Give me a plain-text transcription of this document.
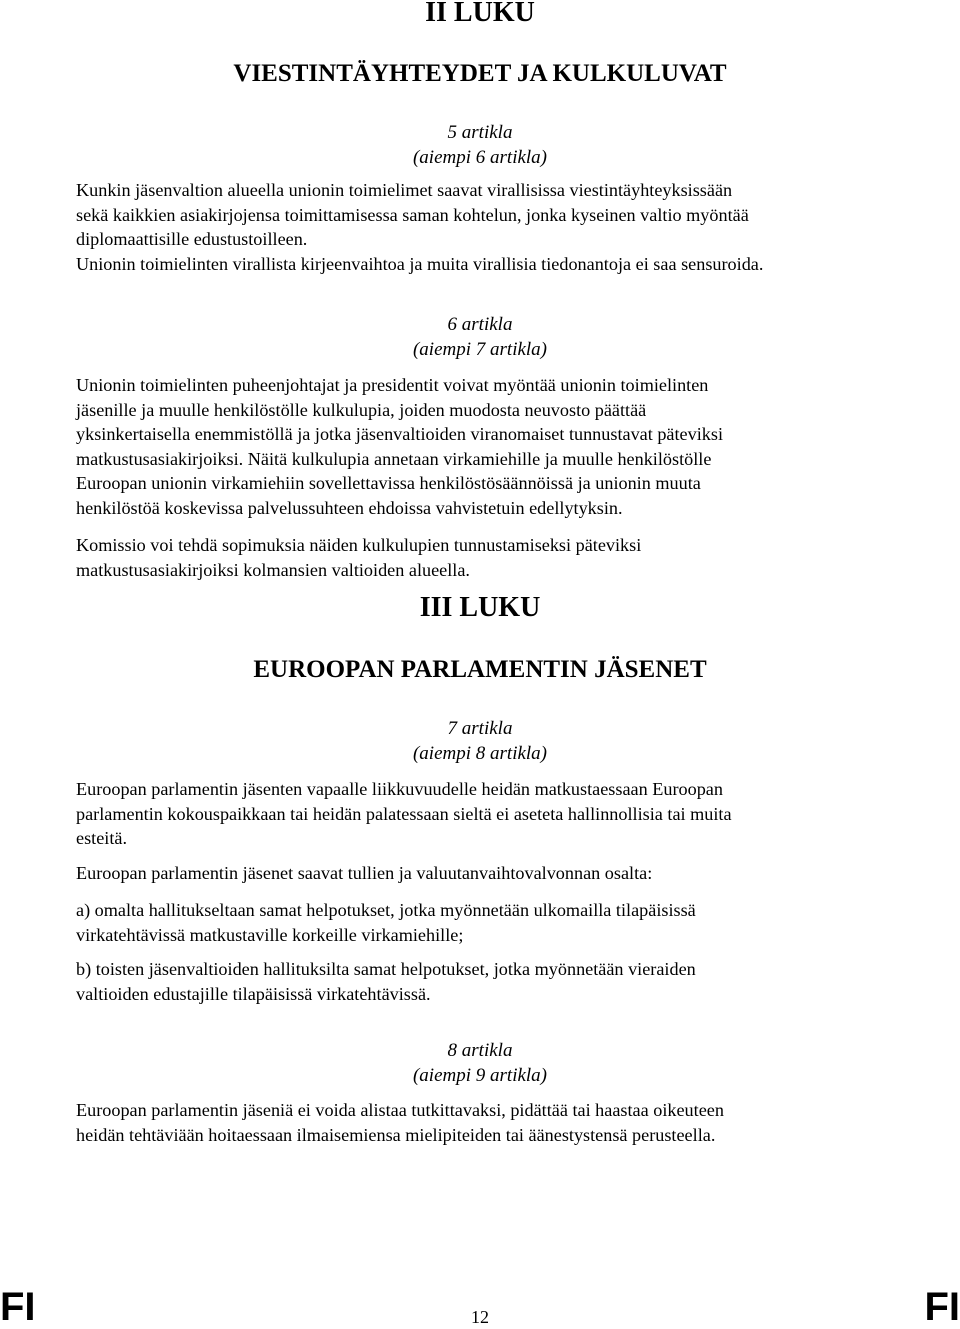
II LUKU
VIESTINTÄYHTEYDET JA KULKULUVAT
5 artikla
(aiempi 6 artikla)
Kunkin jäsenvaltion alueella unionin toimielimet saavat virallisissa viestintäyhteyksissään
sekä kaikkien asiakirjojensa toimittamisessa saman kohtelun, jonka kyseinen valtio myöntää
diplomaattisille edustustoilleen.
Unionin toimielinten virallista kirjeenvaihtoa ja muita virallisia tiedonantoja ei saa sensuroida.
6 artikla
(aiempi 7 artikla)
Unionin toimielinten puheenjohtajat ja presidentit voivat myöntää unionin toimielinten
jäsenille ja muulle henkilöstölle kulkulupia, joiden muodosta neuvosto päättää
yksinkertaisella enemmistöllä ja jotka jäsenvaltioiden viranomaiset tunnustavat päteviksi
matkustusasiakirjoiksi. Näitä kulkulupia annetaan virkamiehille ja muulle henkilöstölle
Euroopan unionin virkamiehiin sovellettavissa henkilöstösäännöissä ja unionin muuta
henkilöstöä koskevissa palvelussuhteen ehdoissa vahvistetuin edellytyksin.
Komissio voi tehdä sopimuksia näiden kulkulupien tunnustamiseksi päteviksi
matkustusasiakirjoiksi kolmansien valtioiden alueella.
III LUKU
EUROOPAN PARLAMENTIN JÄSENET
7 artikla
(aiempi 8 artikla)
Euroopan parlamentin jäsenten vapaalle liikkuvuudelle heidän matkustaessaan Euroopan
parlamentin kokouspaikkaan tai heidän palatessaan sieltä ei aseteta hallinnollisia tai muita
esteitä.
Euroopan parlamentin jäsenet saavat tullien ja valuutanvaihtovalvonnan osalta:
a) omalta hallitukseltaan samat helpotukset, jotka myönnetään ulkomailla tilapäisissä
virkatehtävissä matkustaville korkeille virkamiehille;
b) toisten jäsenvaltioiden hallituksilta samat helpotukset, jotka myönnetään vieraiden
valtioiden edustajille tilapäisissä virkatehtävissä.
8 artikla
(aiempi 9 artikla)
Euroopan parlamentin jäseniä ei voida alistaa tutkittavaksi, pidättää tai haastaa oikeuteen
heidän tehtäviään hoitaessaan ilmaisemiensa mielipiteiden tai äänestystensä perusteella.
FI	12	FI
